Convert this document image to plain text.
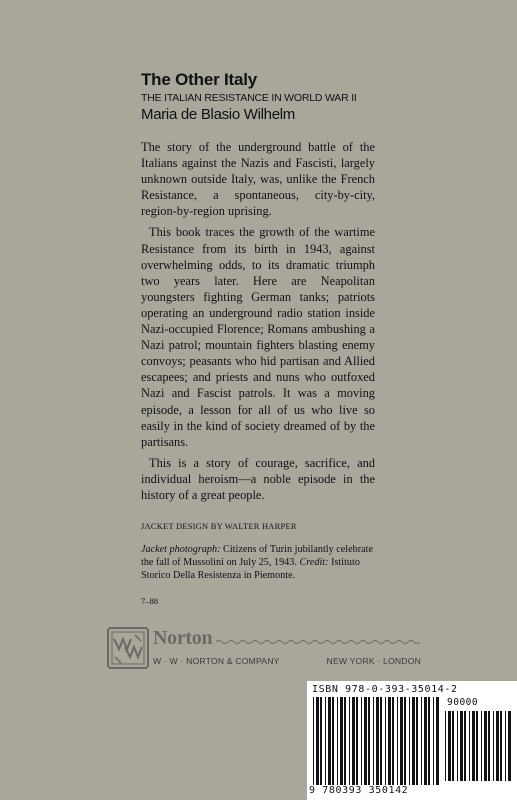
The Other Italy
THE ITALIAN RESISTANCE IN WORLD WAR II
Maria de Blasio Wilhelm

The story of the underground battle of the Italians against the Nazis and Fascisti, largely unknown outside Italy, was, unlike the French Resistance, a spontaneous, city-by-city, region-by-region uprising.

This book traces the growth of the wartime Resistance from its birth in 1943, against overwhelming odds, to its dramatic triumph two years later. Here are Neapolitan youngsters fighting German tanks; patriots operating an underground radio station inside Nazi-occupied Florence; Romans ambushing a Nazi patrol; mountain fighters blasting enemy convoys; peasants who hid partisan and Allied escapees; and priests and nuns who outfoxed Nazi and Fascist patrols. It was a moving episode, a lesson for all of us who live so easily in the kind of society dreamed of by the partisans.

This is a story of courage, sacrifice, and individual heroism—a noble episode in the history of a great people.

JACKET DESIGN BY WALTER HARPER

Jacket photograph: Citizens of Turin jubilantly celebrate the fall of Mussolini on July 25, 1943. Credit: Istituto Storico Della Resistenza in Piemonte.

7–88
Norton
W · W · NORTON & COMPANY	NEW YORK · LONDON
ISBN 978-0-393-35014-2
90000
9 780393 350142
